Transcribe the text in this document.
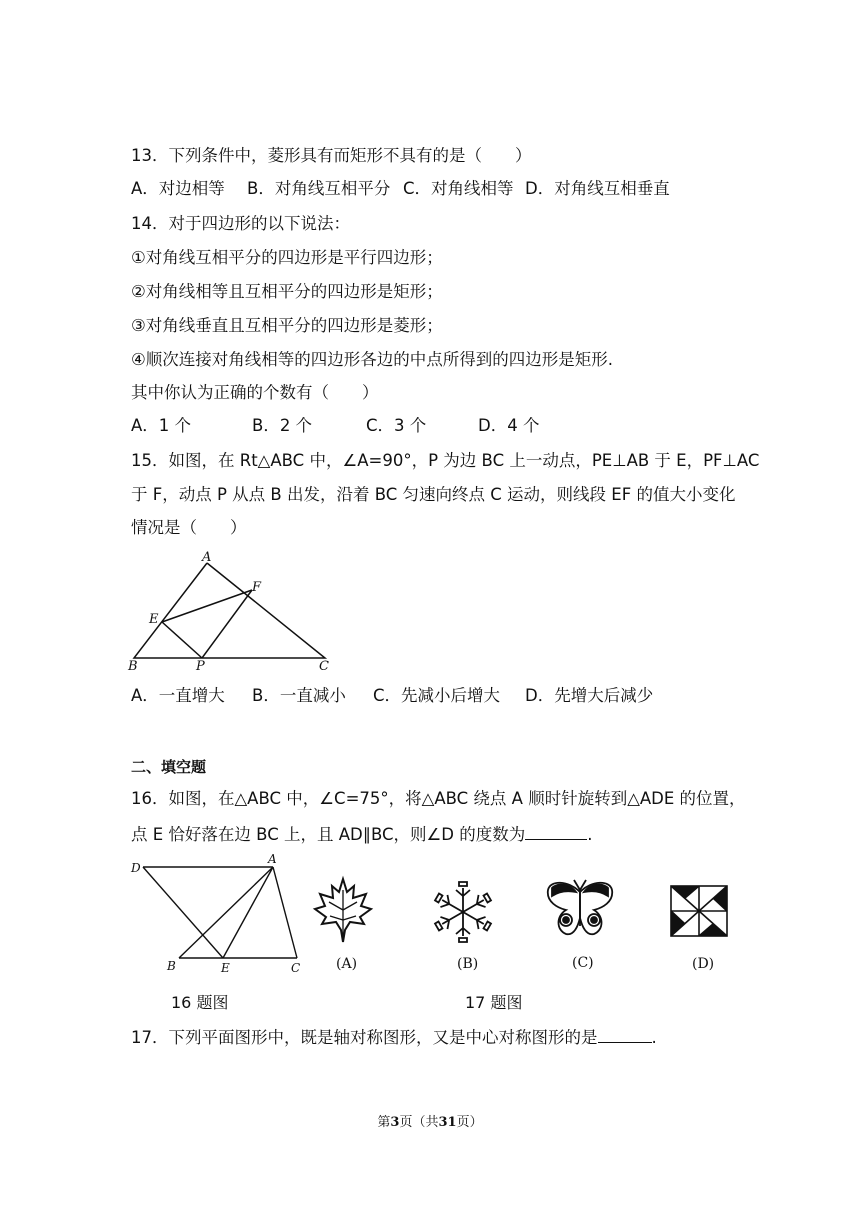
13．下列条件中，菱形具有而矩形不具有的是（　　）
A．对边相等 B．对角线互相平分 C．对角线相等 D．对角线互相垂直
14．对于四边形的以下说法：
①对角线互相平分的四边形是平行四边形；
②对角线相等且互相平分的四边形是矩形；
③对角线垂直且互相平分的四边形是菱形；
④顺次连接对角线相等的四边形各边的中点所得到的四边形是矩形.
其中你认为正确的个数有（　　）
A．1 个	B．2 个	C．3 个	D．4 个
15．如图，在 Rt△ABC 中，∠A=90°，P 为边 BC 上一动点，PE⊥AB 于 E，PF⊥AC
于 F，动点 P 从点 B 出发，沿着 BC 匀速向终点 C 运动，则线段 EF 的值大小变化
情况是（　　）
A
B	C
E
F
P
A．一直增大 B．一直减小 C．先减小后增大 D．先增大后减少
二、填空题
16．如图，在△ABC 中，∠C=75°，将△ABC 绕点 A 顺时针旋转到△ADE 的位置，
点 E 恰好落在边 BC 上，且 AD∥BC，则∠D 的度数为	.
D
A
B	E	C	(A)	(B)	(C)	(D)
16 题图	17 题图
17．下列平面图形中，既是轴对称图形，又是中心对称图形的是	.
第3页（共31页）
